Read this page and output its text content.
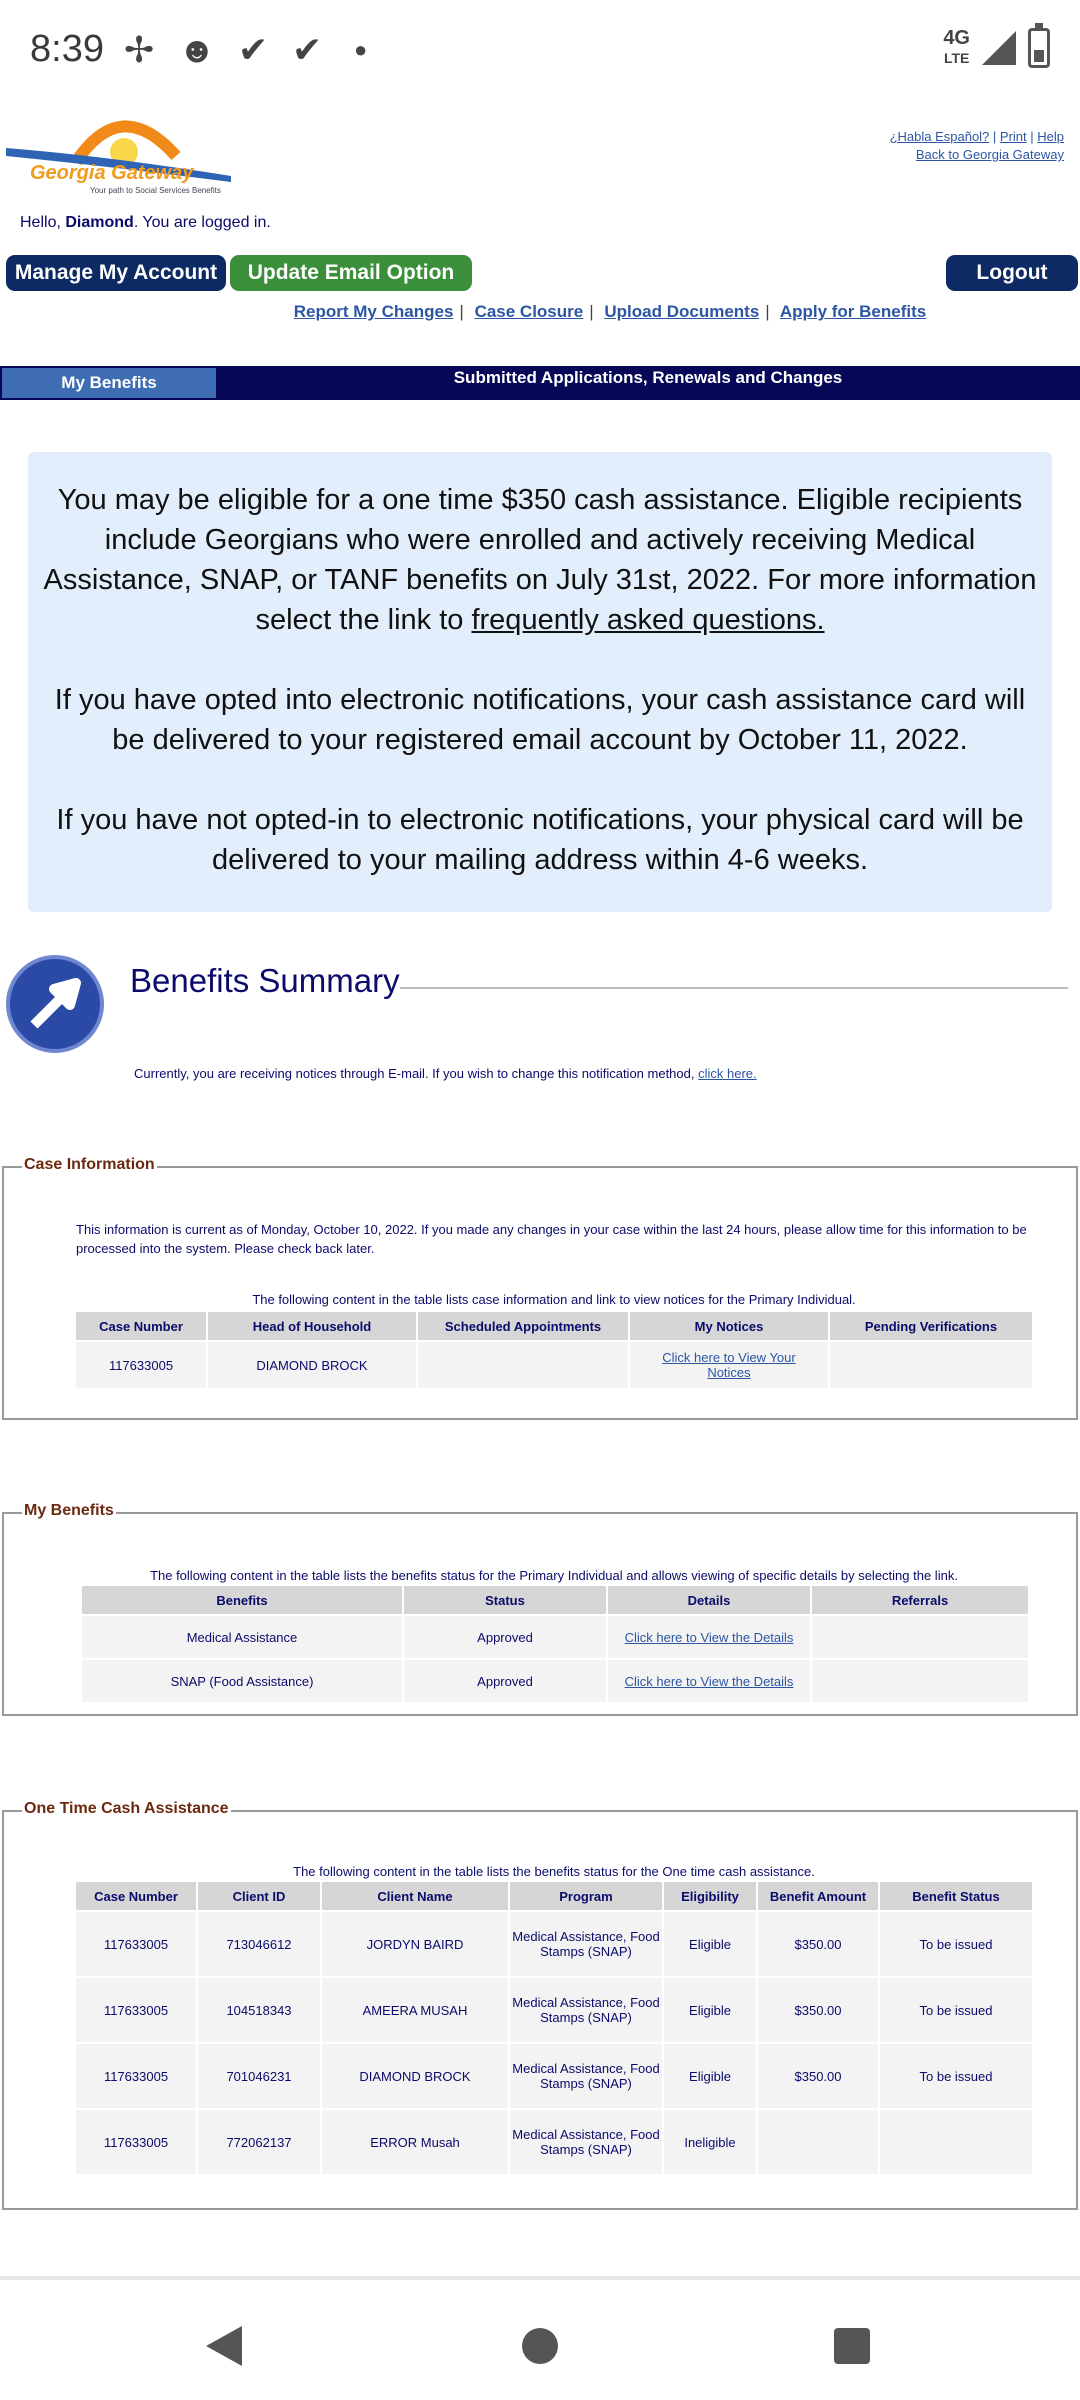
8:39 ✢ ☻ ✔ ✔ ●	4G
LTE
Georgia Gateway
Your path to Social Services Benefits
¿Habla Español? | Print | Help
Back to Georgia Gateway
Hello, Diamond. You are logged in.
Manage My Account	Update Email Option	Logout
Report My Changes | Case Closure | Upload Documents | Apply for Benefits
My Benefits	Submitted Applications, Renewals and Changes

You may be eligible for a one time $350 cash assistance. Eligible recipients include Georgians who were enrolled and actively receiving Medical Assistance, SNAP, or TANF benefits on July 31st, 2022. For more information select the link to frequently asked questions.

If you have opted into electronic notifications, your cash assistance card will be delivered to your registered email account by October 11, 2022.

If you have not opted-in to electronic notifications, your physical card will be delivered to your mailing address within 4-6 weeks.

Benefits Summary
Currently, you are receiving notices through E-mail. If you wish to change this notification method, click here.
Case Information
This information is current as of Monday, October 10, 2022. If you made any changes in your case within the last 24 hours, please allow time for this information to be processed into the system. Please check back later.
The following content in the table lists case information and link to view notices for the Primary Individual.
Case Number	Head of Household	Scheduled Appointments	My Notices	Pending Verifications
117633005	DIAMOND BROCK		Click here to View Your Notices	
My Benefits
The following content in the table lists the benefits status for the Primary Individual and allows viewing of specific details by selecting the link.
Benefits	Status	Details	Referrals
Medical Assistance	Approved	Click here to View the Details	
SNAP (Food Assistance)	Approved	Click here to View the Details	
One Time Cash Assistance
The following content in the table lists the benefits status for the One time cash assistance.
Case Number	Client ID	Client Name	Program	Eligibility	Benefit Amount	Benefit Status
117633005	713046612	JORDYN BAIRD	Medical Assistance, Food Stamps (SNAP)	Eligible	$350.00	To be issued
117633005	104518343	AMEERA MUSAH	Medical Assistance, Food Stamps (SNAP)	Eligible	$350.00	To be issued
117633005	701046231	DIAMOND BROCK	Medical Assistance, Food Stamps (SNAP)	Eligible	$350.00	To be issued
117633005	772062137	ERROR Musah	Medical Assistance, Food Stamps (SNAP)	Ineligible		
